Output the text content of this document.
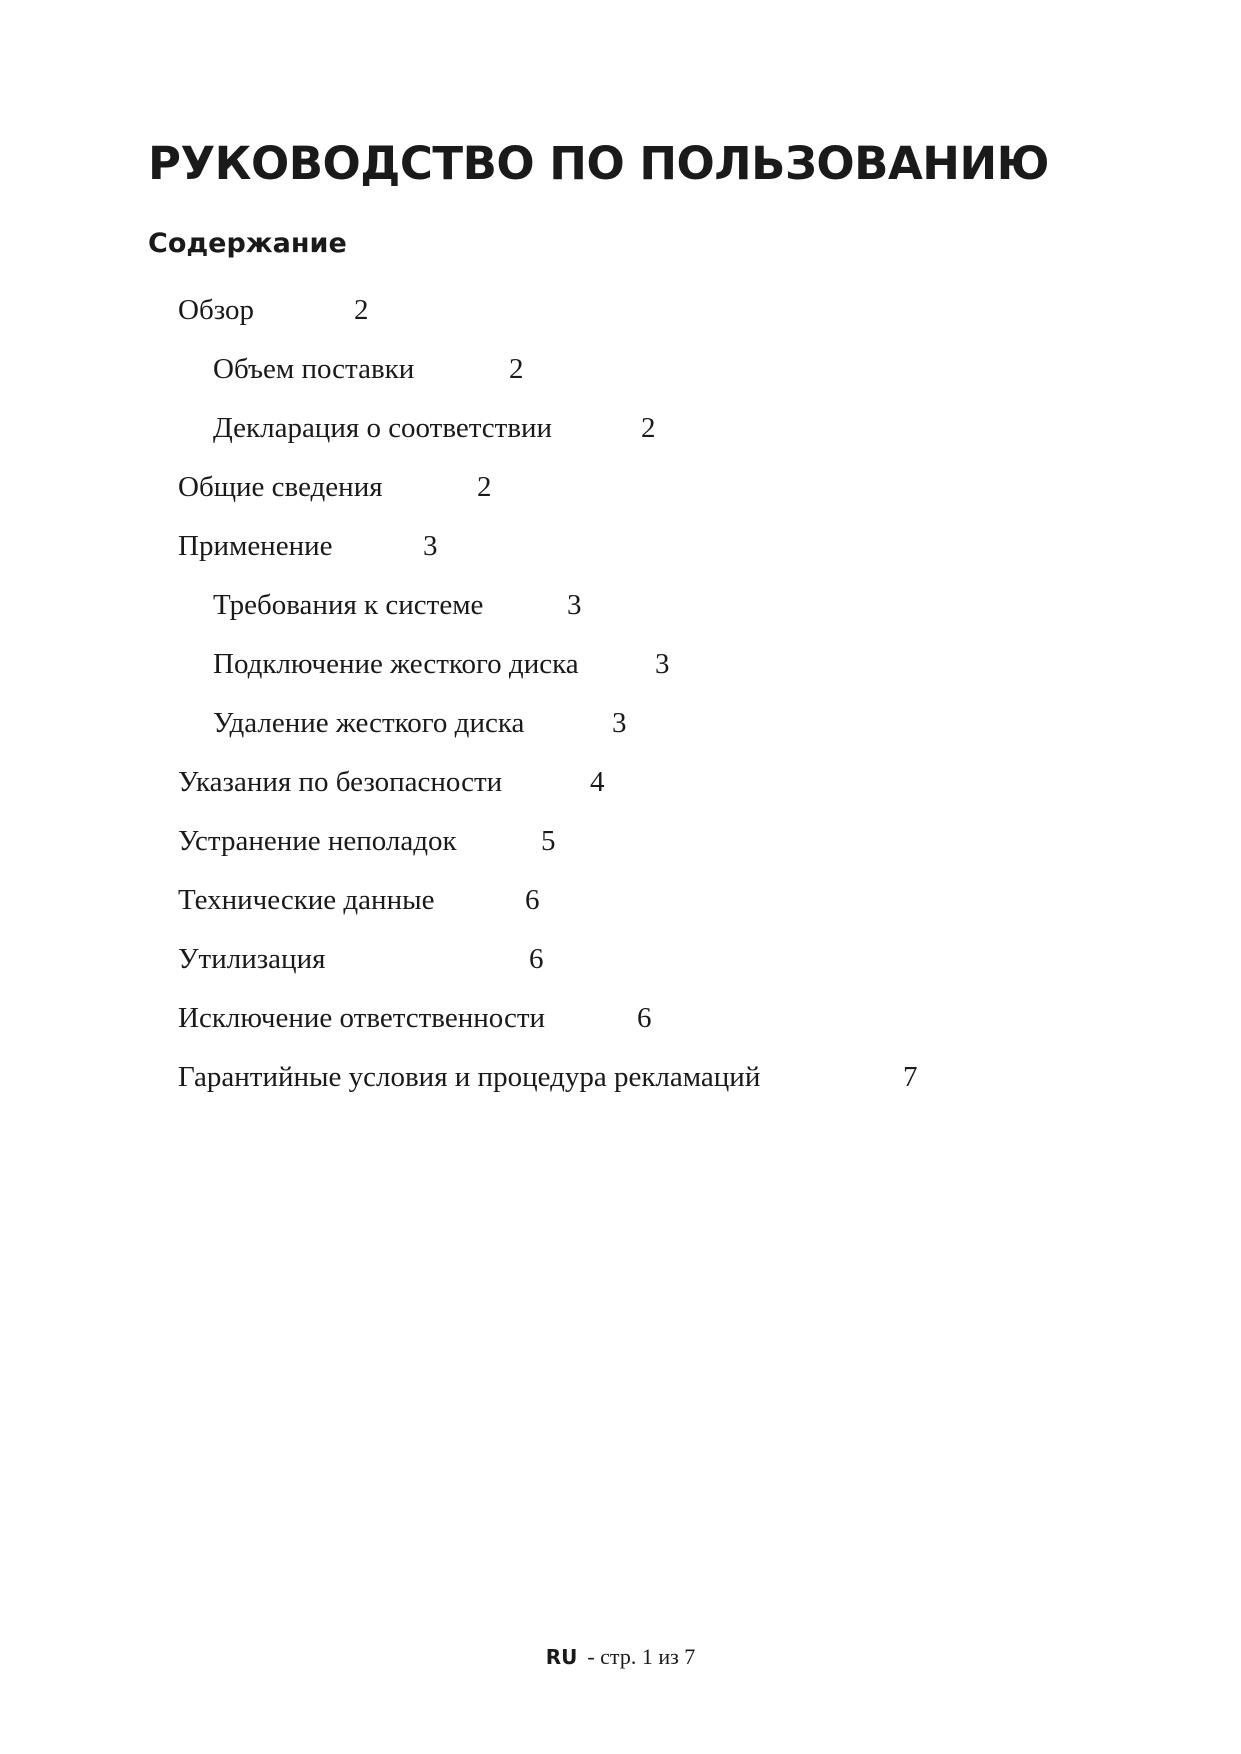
РУКОВОДСТВО ПО ПОЛЬЗОВАНИЮ
Содержание
Обзор	2
Объем поставки	2
Декларация о соответствии	2
Общие сведения	2
Применение	3
Требования к системе	3
Подключение жесткого диска	3
Удаление жесткого диска	3
Указания по безопасности	4
Устранение неполадок	5
Технические данные	6
Утилизация	6
Исключение ответственности	6
Гарантийные условия и процедура рекламаций	7
RU - стр. 1 из 7
